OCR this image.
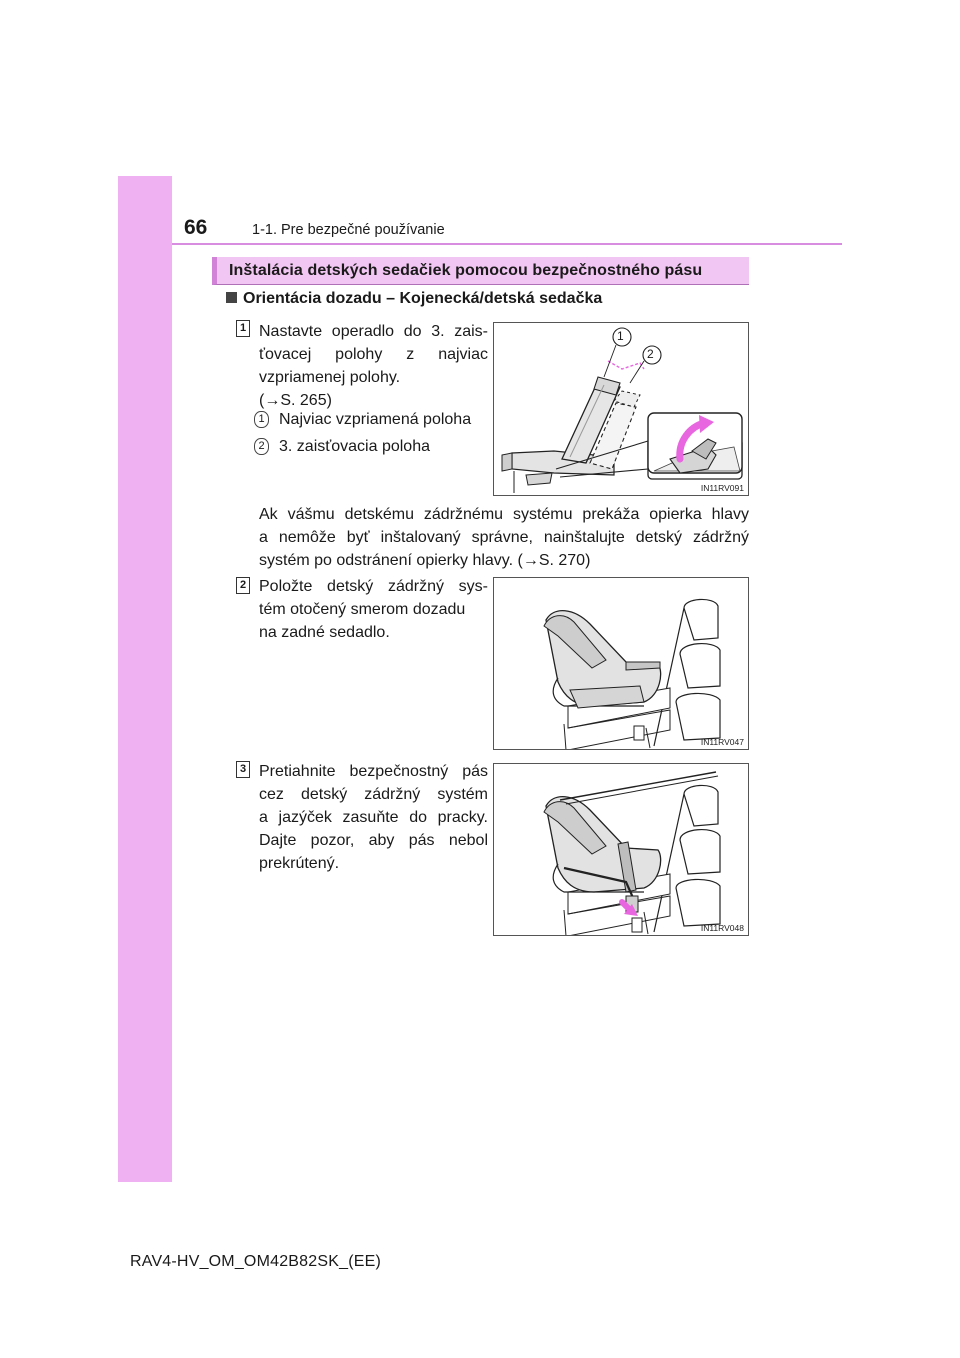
66	1-1. Pre bezpečné používanie
Inštalácia detských sedačiek pomocou bezpečnostného pásu
Orientácia dozadu – Kojenecká/detská sedačka
1 Nastavte operadlo do 3. zais-
ťovacej polohy z najviac
vzpriamenej polohy.
(→S. 265)
1 Najviac vzpriamená poloha
2 3. zaisťovacia poloha
1
2
IN11RV091
Ak vášmu detskému zádržnému systému prekáža opierka hlavy
a nemôže byť inštalovaný správne, nainštalujte detský zádržný
systém po odstránení opierky hlavy. (→S. 270)
2 Položte detský zádržný sys-
tém otočený smerom dozadu
na zadné sedadlo.
IN11RV047
3 Pretiahnite bezpečnostný pás
cez detský zádržný systém
a jazýček zasuňte do pracky.
Dajte pozor, aby pás nebol
prekrútený.
IN11RV048
RAV4-HV_OM_OM42B82SK_(EE)
